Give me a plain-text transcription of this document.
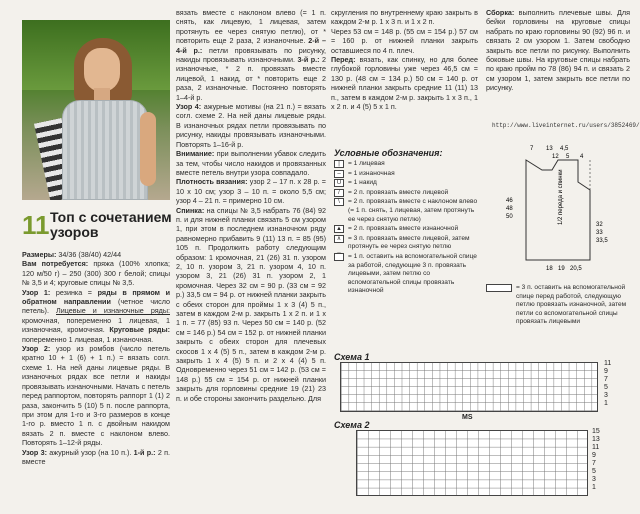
11 Топ с сочетанием узоров

Размеры: 34/36 (38/40) 42/44

Вам потребуется: пряжа (100% хлопка; 120 м/50 г) – 250 (300) 300 г белой; спицы № 3,5 и 4; круговые спицы № 3,5.

Узор 1: резинка = ряды в прямом и обратном направлении (четное число петель). Лицевые и изнаночные ряды: кромочная, попеременно 1 лицевая, 1 изнаночная, кромочная. Круговые ряды: попеременно 1 лицевая, 1 изнаночная.

Узор 2: узор из ромбов (число петель кратно 10 + 1 (6) + 1 п.) = вязать согл. схеме 1. На ней даны лицевые ряды. В изнаночных рядах все петли и накиды провязывать изнаночными. Начать с петель перед раппортом, повторять раппорт 1 (1) 2 раза, закончить 5 (10) 5 п. после раппорта, при этом для 1-го и 3-го размеров в конце 1-го р. вместо 1 п. с двойным накидом вязать 2 п. вместе с наклоном влево. Повторять 1–12-й ряды.

Узор 3: ажурный узор (на 10 п.). 1-й р.: 2 п. вместе

вязать вместе с наклоном влево (= 1 п. снять, как лицевую, 1 лицевая, затем протянуть ее через снятую петлю), от * повторить еще 2 раза, 2 изнаночные. 2-й – 4-й р.: петли провязывать по рисунку, накиды провязывать изнаночными. 3-й р.: 2 изнаночные, * 2 п. провязать вместе лицевой, 1 накид, от * повторить еще 2 раза, 2 изнаночные. Постоянно повторять 1–4-й р.

Узор 4: ажурные мотивы (на 21 п.) = вязать согл. схеме 2. На ней даны лицевые ряды. В изнаночных рядах петли провязывать по рисунку, накиды провязывать изнаночными. Повторять 1–16-й р.

Внимание: при выполнении убавок следить за тем, чтобы число накидов и провязанных вместе петель внутри узора совпадало.

Плотность вязания: узор 2 – 17 п. x 28 р. = 10 x 10 см; узор 3 – 10 п. = около 5,5 см; узор 4 – 21 п. = примерно 10 см.

Спинка: на спицы № 3,5 набрать 76 (84) 92 п. и для нижней планки связать 5 см узором 1, при этом в последнем изнаночном ряду равномерно прибавить 9 (11) 13 п. = 85 (95) 105 п. Продолжить работу следующим образом: 1 кромочная, 21 (26) 31 п. узором 2, 10 п. узором 3, 21 п. узором 4, 10 п. узором 3, 21 (26) 31 п. узором 2, 1 кромочная. Через 32 см = 90 р. (33 см = 92 р.) 33,5 см = 94 р. от нижней планки закрыть с обеих сторон для проймы 1 x 3 (4) 5 п., затем в каждом 2-м р. закрыть 1 x 2 п. и 1 x 1 п. = 77 (85) 93 п. Через 50 см = 140 р. (52 см = 146 р.) 54 см = 152 р. от нижней планки закрыть с обеих сторон для плечевых скосов 1 x 4 (5) 5 п., затем в каждом 2-м р. закрыть 1 x 4 (5) 5 п. и 2 x 4 (4) 5 п. Одновременно через 51 см = 142 р. (53 см = 148 р.) 55 см = 154 р. от нижней планки закрыть для горловины средние 19 (21) 23 п. и обе стороны закончить раздельно. Для

скругления по внутреннему краю закрыть в каждом 2-м р. 1 x 3 п. и 1 x 2 п.

Через 53 см = 148 р. (55 см = 154 р.) 57 см = 160 р. от нижней планки закрыть оставшиеся по 4 п. плеч.

Перед: вязать, как спинку, но для более глубокой горловины уже через 46,5 см = 130 р. (48 см = 134 р.) 50 см = 140 р. от нижней планки закрыть средние 11 (11) 13 п., затем в каждом 2-м р. закрыть 1 x 3 п., 1 x 2 п. и 4 (5) 5 x 1 п.

Сборка: выполнить плечевые швы. Для бейки горловины на круговые спицы набрать по краю горловины 90 (92) 96 п. и связать 2 см узором 1. Затем свободно закрыть все петли по рисунку. Выполнить боковые швы. На круговые спицы набрать по краю пройм по 78 (86) 94 п. и связать 2 см узором 1, затем закрыть все петли по рисунку.

http://www.liveinternet.ru/users/3852469/
1/2 переда и спинки
7 13 4,5
12 5 4
46
48
50
32
33
33,5
18 19 20,5
Условные обозначения:
|	= 1 лицевая
–	= 1 изнаночная
U	= 1 накид
/	= 2 п. провязать вместе лицевой
\	= 2 п. провязать вместе с наклоном влево (= 1 п. снять, 1 лицевая, затем протянуть ее через снятую петлю)
▲ = 2 п. провязать вместе изнаночной
∧	= 3 п. провязать вместе лицевой, затем протянуть ее через снятую петлю
⌒ = 1 п. оставить на вспомогательной спице за работой, следующие 3 п. провязать лицевыми, затем петлю со вспомогательной спицы провязать изнаночной	= 3 п. оставить на вспомогательной спице перед работой, следующую петлю провязать изнаночной, затем петли со вспомогательной спицы провязать лицевыми
Схема 1
11
9
7
5
3
1
MS
Схема 2
15
13
11
9
7
5
3
1
